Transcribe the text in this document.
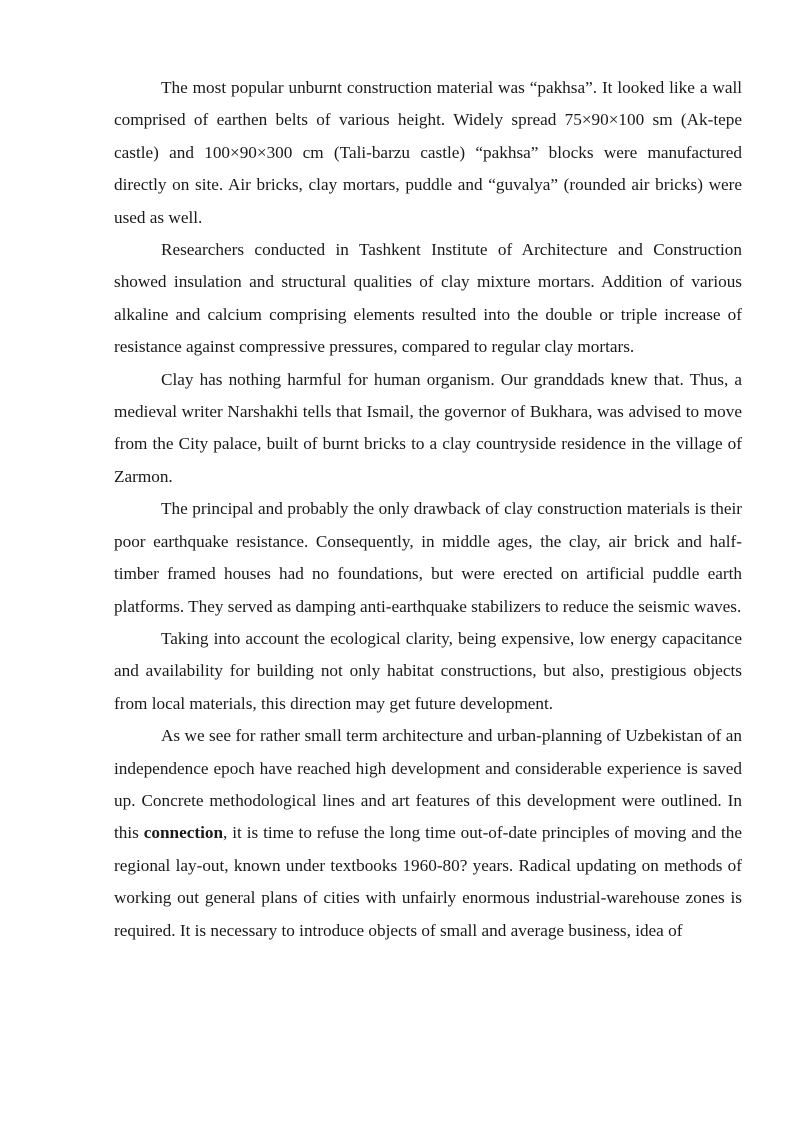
The most popular unburnt construction material was “pakhsa”. It looked like a wall comprised of earthen belts of various height. Widely spread 75×90×100 sm (Ak-tepe castle) and 100×90×300 cm (Tali-barzu castle) “pakhsa” blocks were manufactured directly on site. Air bricks, clay mortars, puddle and “guvalya” (rounded air bricks) were used as well.

Researchers conducted in Tashkent Institute of Architecture and Construction showed insulation and structural qualities of clay mixture mortars. Addition of various alkaline and calcium comprising elements resulted into the double or triple increase of resistance against compressive pressures, compared to regular clay mortars.

Clay has nothing harmful for human organism. Our granddads knew that. Thus, a medieval writer Narshakhi tells that Ismail, the governor of Bukhara, was advised to move from the City palace, built of burnt bricks to a clay countryside residence in the village of Zarmon.

The principal and probably the only drawback of clay construction materials is their poor earthquake resistance. Consequently, in middle ages, the clay, air brick and half-timber framed houses had no foundations, but were erected on artificial puddle earth platforms. They served as damping anti-earthquake stabilizers to reduce the seismic waves.

Taking into account the ecological clarity, being expensive, low energy capacitance and availability for building not only habitat constructions, but also, prestigious objects from local materials, this direction may get future development.

As we see for rather small term architecture and urban-planning of Uzbekistan of an independence epoch have reached high development and considerable experience is saved up. Concrete methodological lines and art features of this development were outlined. In this connection, it is time to refuse the long time out-of-date principles of moving and the regional lay-out, known under textbooks 1960-80? years. Radical updating on methods of working out general plans of cities with unfairly enormous industrial-warehouse zones is required. It is necessary to introduce objects of small and average business, idea of
